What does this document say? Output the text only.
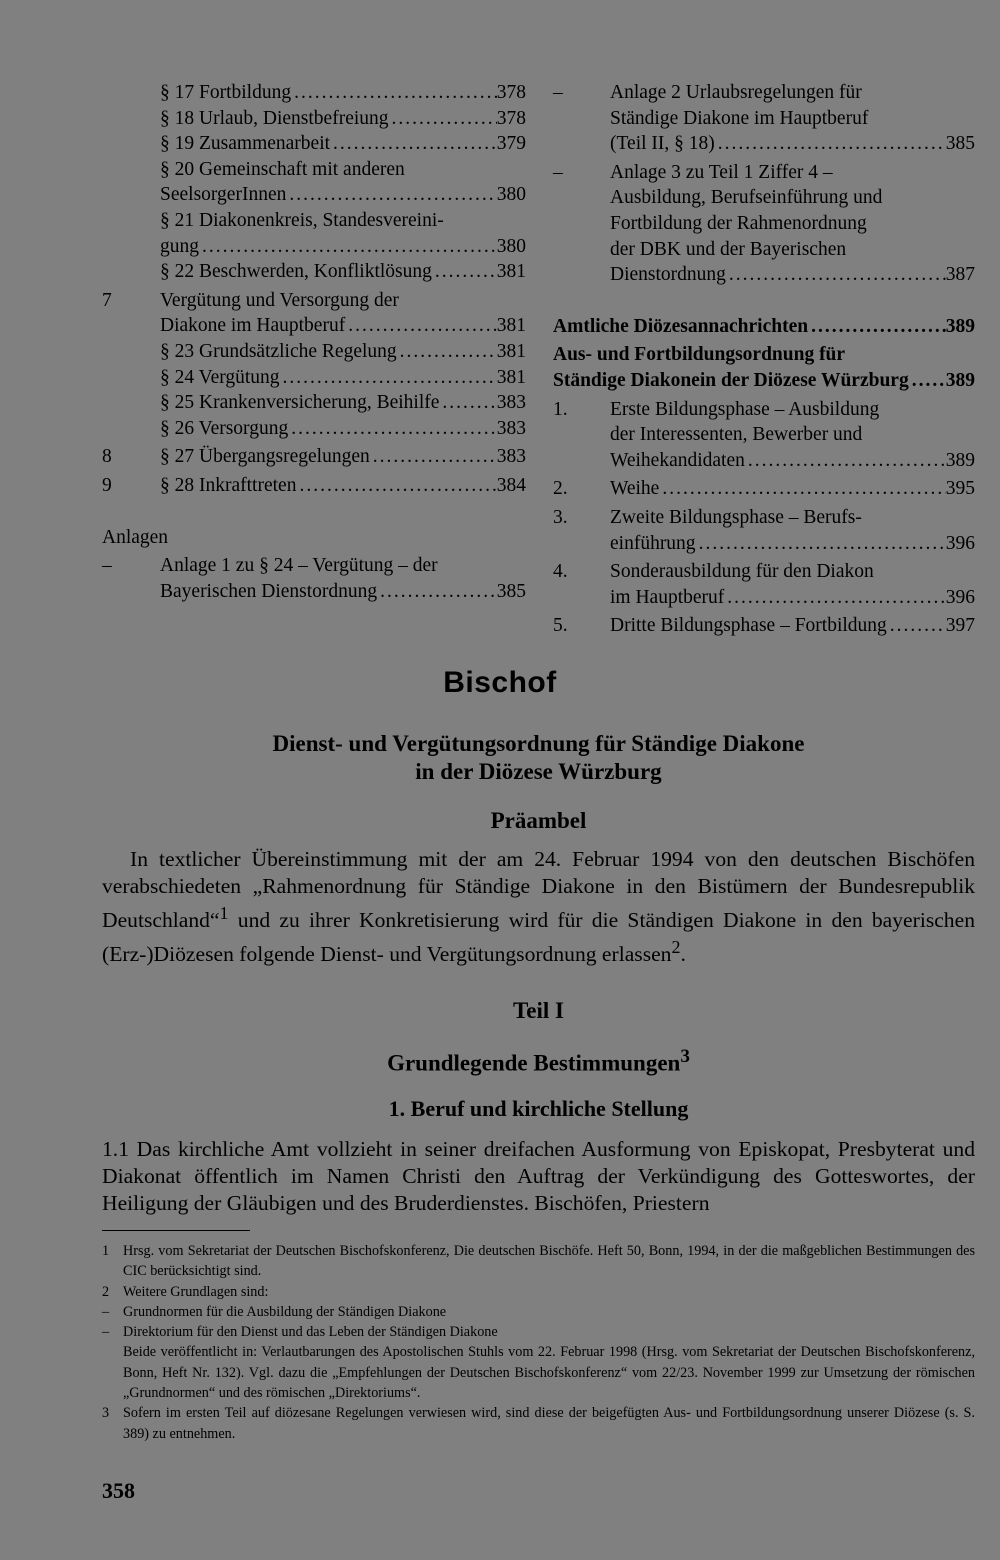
§ 17 Fortbildung .....	378
§ 18 Urlaub, Dienstbefreiung .....	378
§ 19 Zusammenarbeit .....	379
§ 20 Gemeinschaft mit anderen
SeelsorgerInnen .....	380
§ 21 Diakonenkreis, Standesvereini-
gung .....	380
§ 22 Beschwerden, Konfliktlösung .....	381
7	Vergütung und Versorgung der
Diakone im Hauptberuf .....	381
§ 23 Grundsätzliche Regelung .....	381
§ 24 Vergütung .....	381
§ 25 Krankenversicherung, Beihilfe .....	383
§ 26 Versorgung .....	383
8	§ 27 Übergangsregelungen .....	383
9	§ 28 Inkrafttreten .....	384
Anlagen
–	Anlage 1 zu § 24 – Vergütung – der
Bayerischen Dienstordnung .....	385
–	Anlage 2 Urlaubsregelungen für
Ständige Diakone im Hauptberuf
(Teil II, § 18) .....	385
–	Anlage 3 zu Teil 1 Ziffer 4 –
Ausbildung, Berufseinführung und
Fortbildung der Rahmenordnung
der DBK und der Bayerischen
Dienstordnung .....	387
Amtliche Diözesannachrichten .....	389
Aus- und Fortbildungsordnung für
Ständige Diakonein der Diözese Würzburg ..... 389
1.	Erste Bildungsphase – Ausbildung
der Interessenten, Bewerber und
Weihekandidaten .....	389
2.	Weihe .....	395
3.	Zweite Bildungsphase – Berufs-
einführung .....	396
4.	Sonderausbildung für den Diakon
im Hauptberuf .....	396
5.	Dritte Bildungsphase – Fortbildung .....	397
Bischof
Dienst- und Vergütungsordnung für Ständige Diakone
in der Diözese Würzburg
Präambel

In textlicher Übereinstimmung mit der am 24. Februar 1994 von den deutschen Bischöfen verabschiedeten „Rahmenordnung für Ständige Diakone in den Bistümern der Bundesrepublik Deutschland“$^1$ und zu ihrer Konkretisierung wird für die Ständigen Diakone in den bayerischen (Erz-)Diözesen folgende Dienst- und Vergütungsordnung erlassen$^2$.

Teil I
Grundlegende Bestimmungen$^3$
1. Beruf und kirchliche Stellung

1.1 Das kirchliche Amt vollzieht in seiner dreifachen Ausformung von Episkopat, Presbyterat und Diakonat öffentlich im Namen Christi den Auftrag der Verkündigung des Gotteswortes, der Heiligung der Gläubigen und des Bruderdienstes. Bischöfen, Priestern

1 Hrsg. vom Sekretariat der Deutschen Bischofskonferenz, Die deutschen Bischöfe. Heft 50, Bonn, 1994, in der die maßgeblichen Bestimmungen des CIC berücksichtigt sind.
2 Weitere Grundlagen sind:
– Grundnormen für die Ausbildung der Ständigen Diakone
– Direktorium für den Dienst und das Leben der Ständigen Diakone
Beide veröffentlicht in: Verlautbarungen des Apostolischen Stuhls vom 22. Februar 1998 (Hrsg. vom Sekretariat der Deutschen Bischofskonferenz, Bonn, Heft Nr. 132). Vgl. dazu die „Empfehlungen der Deutschen Bischofskonferenz“ vom 22/23. November 1999 zur Umsetzung der römischen „Grundnormen“ und des römischen „Direktoriums“.
3 Sofern im ersten Teil auf diözesane Regelungen verwiesen wird, sind diese der beigefügten Aus- und Fortbildungsordnung unserer Diözese (s. S. 389) zu entnehmen.

358
